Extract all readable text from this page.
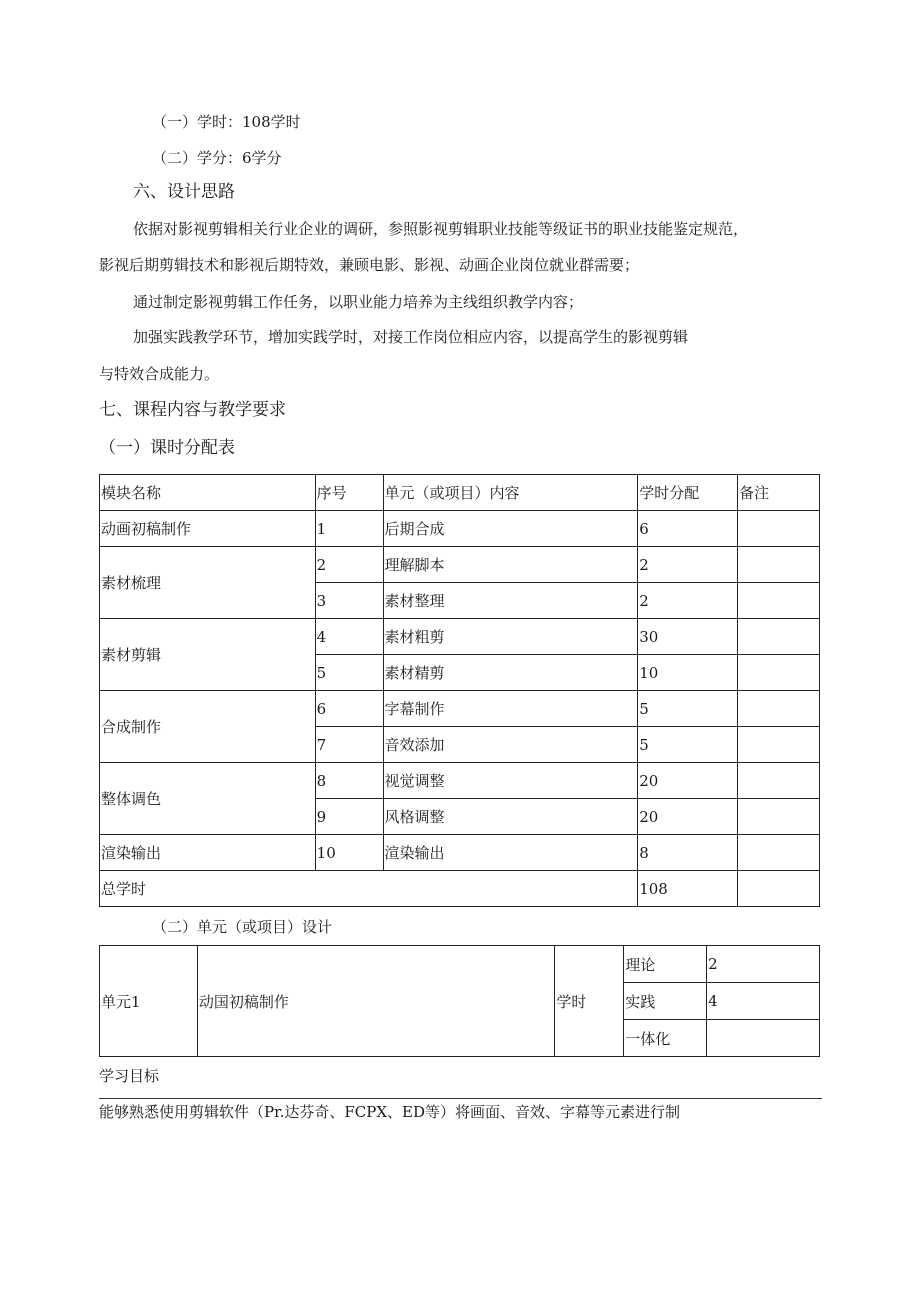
（一）学时：108学时
（二）学分：6学分
六、设计思路
依据对影视剪辑相关行业企业的调研，参照影视剪辑职业技能等级证书的职业技能鉴定规范，
影视后期剪辑技术和影视后期特效，兼顾电影、影视、动画企业岗位就业群需要；
通过制定影视剪辑工作任务，以职业能力培养为主线组织教学内容；
加强实践教学环节，增加实践学时，对接工作岗位相应内容，以提高学生的影视剪辑
与特效合成能力。
七、课程内容与教学要求
（一）课时分配表
模块名称	序号	单元（或项目）内容	学时分配	备注
动画初稿制作	1	后期合成	6	
素材梳理	2	理解脚本	2	
	3	素材整理	2	
素材剪辑	4	素材粗剪	30	
	5	素材精剪	10	
合成制作	6	字幕制作	5	
	7	音效添加	5	
整体调色	8	视觉调整	20	
	9	风格调整	20	
渲染输出	10	渲染输出	8	
总学时			108	
（二）单元（或项目）设计
单元1	动国初稿制作	学时	理论	2
			实践	4
			一体化	
学习目标
能够熟悉使用剪辑软件（Pr.达芬奇、FCPX、ED等）将画面、音效、字幕等元素进行制
